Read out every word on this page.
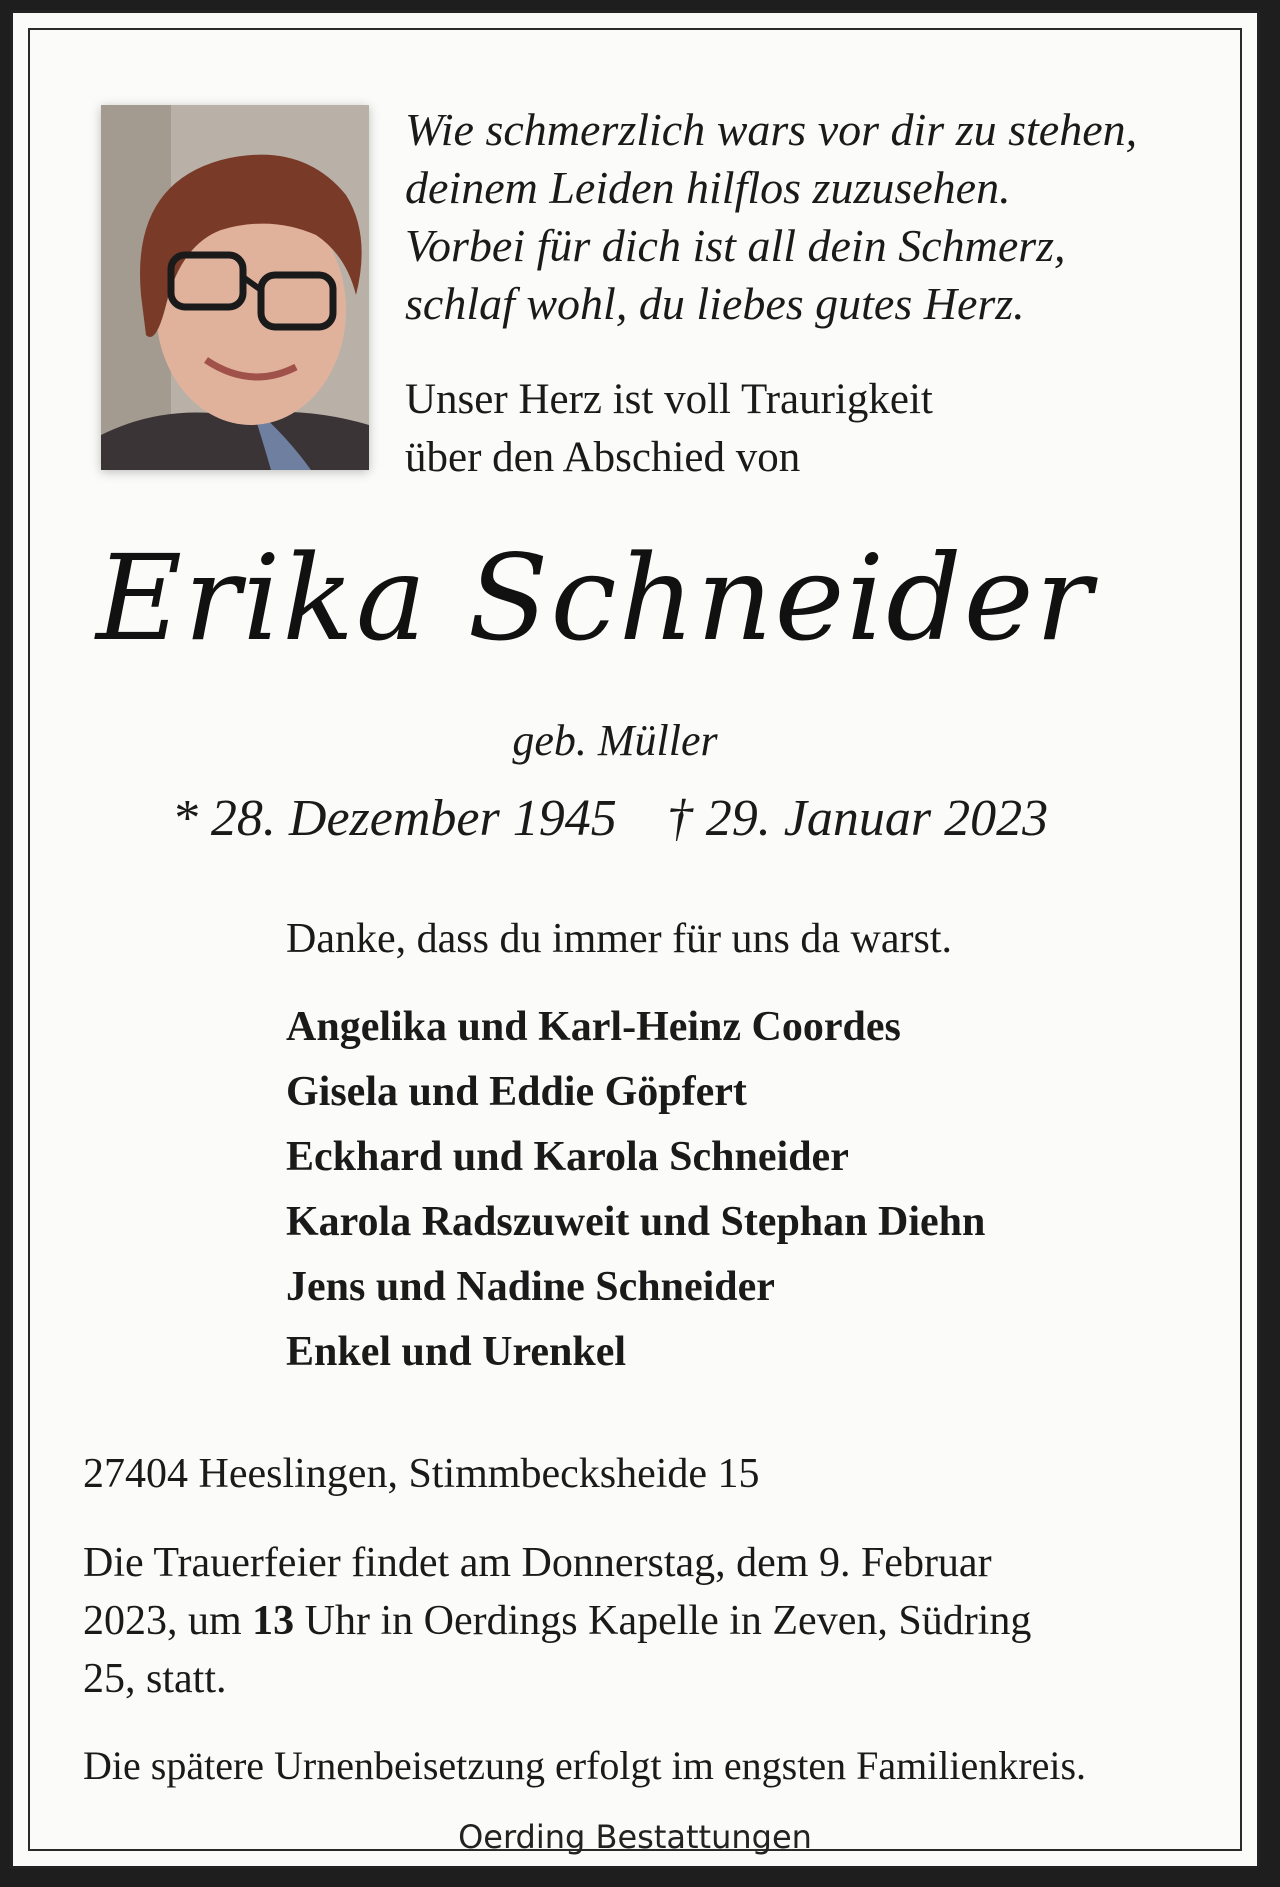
Wie schmerzlich wars vor dir zu stehen,
deinem Leiden hilflos zuzusehen.
Vorbei für dich ist all dein Schmerz,
schlaf wohl, du liebes gutes Herz.
Unser Herz ist voll Traurigkeit
über den Abschied von
Erika Schneider
geb. Müller
* 28. Dezember 1945 † 29. Januar 2023
Danke, dass du immer für uns da warst.
Angelika und Karl-Heinz Coordes
Gisela und Eddie Göpfert
Eckhard und Karola Schneider
Karola Radszuweit und Stephan Diehn
Jens und Nadine Schneider
Enkel und Urenkel
27404 Heeslingen, Stimmbecksheide 15
Die Trauerfeier findet am Donnerstag, dem 9. Februar
2023, um 13 Uhr in Oerdings Kapelle in Zeven, Südring
25, statt.
Die spätere Urnenbeisetzung erfolgt im engsten Familienkreis.
Oerding Bestattungen
